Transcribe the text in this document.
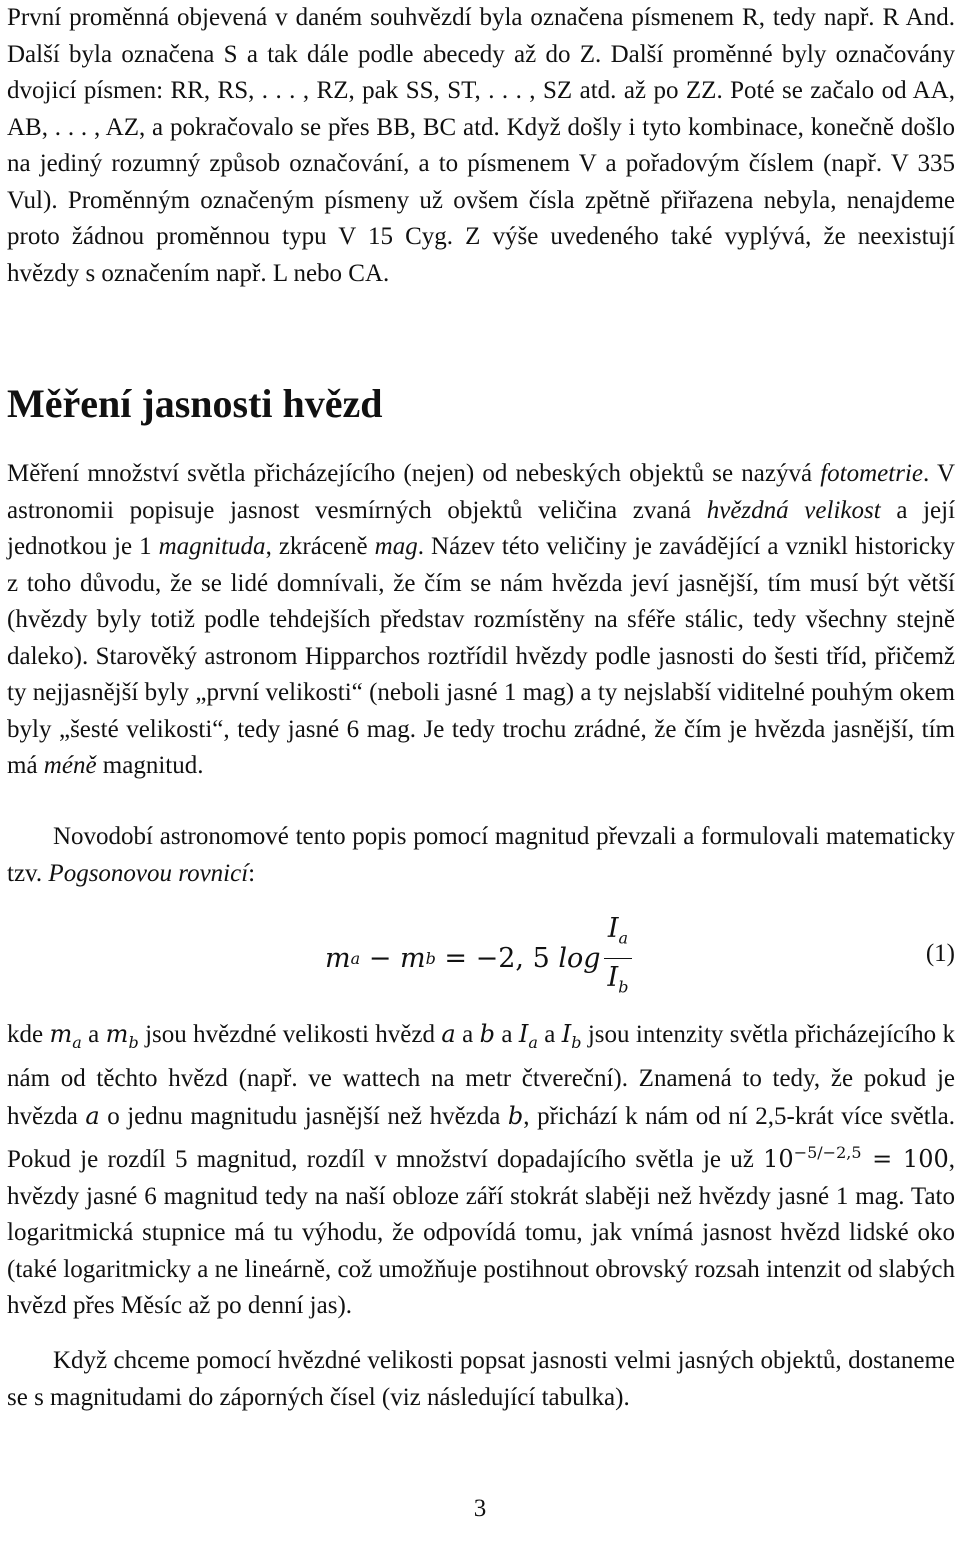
První proměnná objevená v daném souhvězdí byla označena písmenem R, tedy např. R And. Další byla označena S a tak dále podle abecedy až do Z. Další proměnné byly označovány dvojicí písmen: RR, RS, . . . , RZ, pak SS, ST, . . . , SZ atd. až po ZZ. Poté se začalo od AA, AB, . . . , AZ, a pokračovalo se přes BB, BC atd. Když došly i tyto kombinace, konečně došlo na jediný rozumný způsob označování, a to písmenem V a pořadovým číslem (např. V 335 Vul). Proměnným označeným písmeny už ovšem čísla zpětně přiřazena nebyla, nenajdeme proto žádnou proměnnou typu V 15 Cyg. Z výše uvedeného také vyplývá, že neexistují hvězdy s označením např. L nebo CA.

Měření jasnosti hvězd

Měření množství světla přicházejícího (nejen) od nebeských objektů se nazývá fotometrie. V astronomii popisuje jasnost vesmírných objektů veličina zvaná hvězdná velikost a její jednotkou je 1 magnituda, zkráceně mag. Název této veličiny je zavádějící a vznikl historicky z toho důvodu, že se lidé domnívali, že čím se nám hvězda jeví jasnější, tím musí být větší (hvězdy byly totiž podle tehdejších představ rozmístěny na sféře stálic, tedy všechny stejně daleko). Starověký astronom Hipparchos roztřídil hvězdy podle jasnosti do šesti tříd, přičemž ty nejjasnější byly „první velikosti“ (neboli jasné 1 mag) a ty nejslabší viditelné pouhým okem byly „šesté velikosti“, tedy jasné 6 mag. Je tedy trochu zrádné, že čím je hvězda jasnější, tím má méně magnitud.

Novodobí astronomové tento popis pomocí magnitud převzali a formulovali matematicky tzv. Pogsonovou rovnicí:

m a − m b = −2, 5 $\log \frac{I_a}{I_b}$	(1)

kde $m_a$ a $m_b$ jsou hvězdné velikosti hvězd a a b a $I_a$ a $I_b$ jsou intenzity světla přicházejícího k nám od těchto hvězd (např. ve wattech na metr čtvereční). Znamená to tedy, že pokud je hvězda a o jednu magnitudu jasnější než hvězda b, přichází k nám od ní 2,5-krát více světla. Pokud je rozdíl 5 magnitud, rozdíl v množství dopadajícího světla je už $10^{-5/-2,5} = 100$, hvězdy jasné 6 magnitud tedy na naší obloze září stokrát slaběji než hvězdy jasné 1 mag. Tato logaritmická stupnice má tu výhodu, že odpovídá tomu, jak vnímá jasnost hvězd lidské oko (také logaritmicky a ne lineárně, což umožňuje postihnout obrovský rozsah intenzit od slabých hvězd přes Měsíc až po denní jas).

Když chceme pomocí hvězdné velikosti popsat jasnosti velmi jasných objektů, dostaneme se s magnitudami do záporných čísel (viz následující tabulka).

3
